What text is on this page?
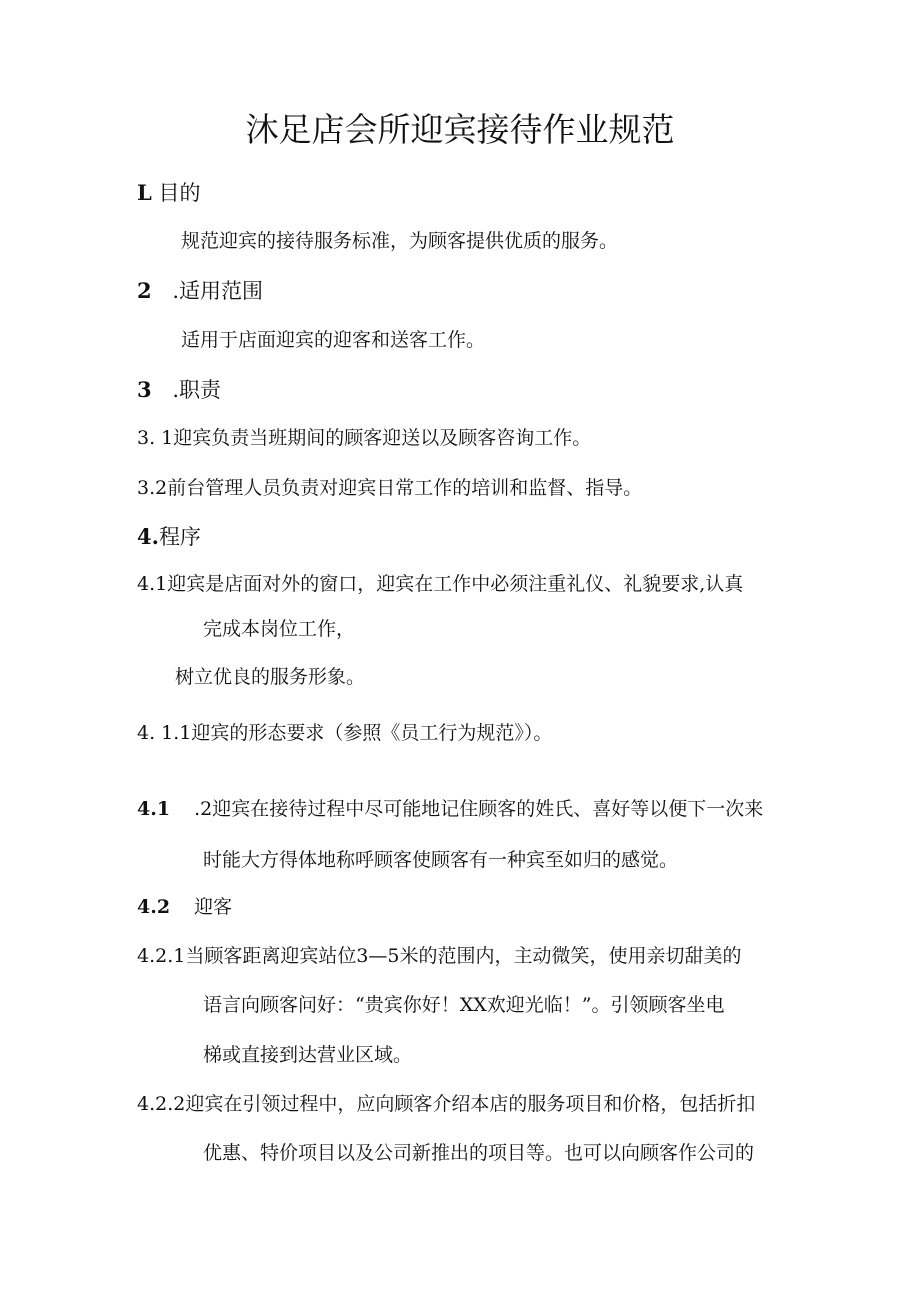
沐足店会所迎宾接待作业规范
L 目的
规范迎宾的接待服务标准，为顾客提供优质的服务。
2 .适用范围
适用于店面迎宾的迎客和送客工作。
3 .职责
3. 1迎宾负责当班期间的顾客迎送以及顾客咨询工作。
3.2前台管理人员负责对迎宾日常工作的培训和监督、指导。
4.程序
4.1迎宾是店面对外的窗口，迎宾在工作中必须注重礼仪、礼貌要求,认真
完成本岗位工作，
树立优良的服务形象。
4. 1.1迎宾的形态要求（参照《员工行为规范》）。
4.1 .2迎宾在接待过程中尽可能地记住顾客的姓氏、喜好等以便下一次来
时能大方得体地称呼顾客使顾客有一种宾至如归的感觉。
4.2 迎客
4.2.1当顾客距离迎宾站位3—5米的范围内，主动微笑，使用亲切甜美的
语言向顾客问好：“贵宾你好！XX欢迎光临！”。引领顾客坐电
梯或直接到达营业区域。
4.2.2迎宾在引领过程中，应向顾客介绍本店的服务项目和价格，包括折扣
优惠、特价项目以及公司新推出的项目等。也可以向顾客作公司的
